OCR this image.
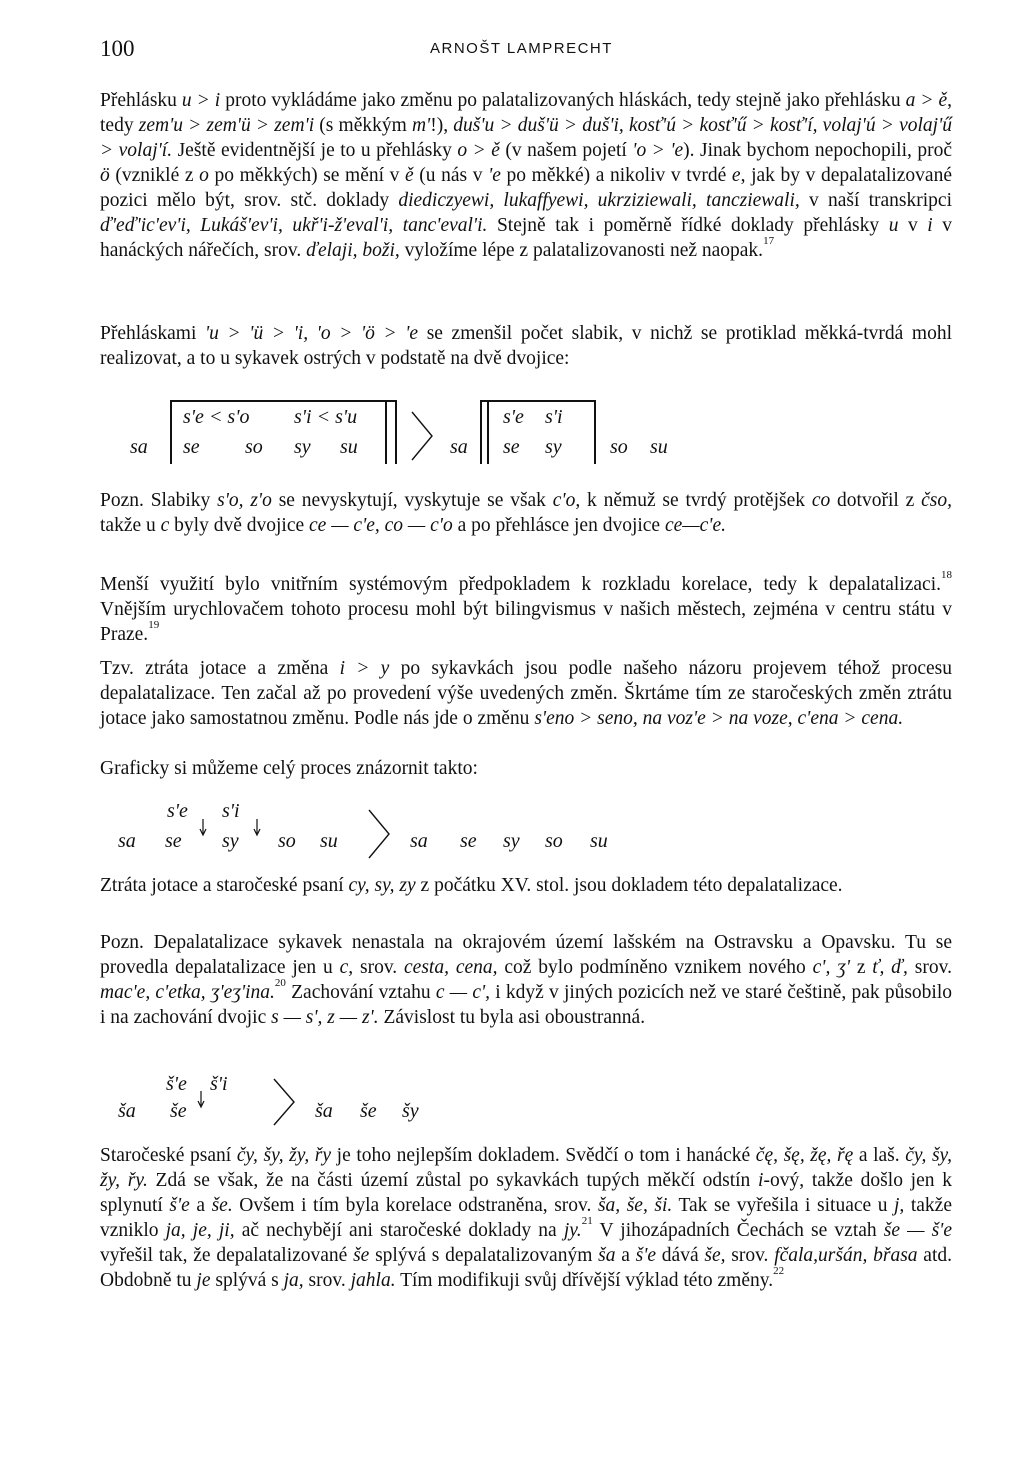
100	ARNOŠT LAMPRECHT

Přehlásku u > i proto vykládáme jako změnu po palatalizovaných hláskách, tedy stejně jako přehlásku a > ě, tedy zem'u > zem'ü > zem'i (s měkkým m'!), duš'u > duš'ü > duš'i, kosť'ú > kosť'ű > kosť'í, volaj'ú > volaj'ű > volaj'í. Ještě evidentnější je to u přehlásky o > ě (v našem pojetí 'o > 'e). Jinak bychom nepochopili, proč ö (vzniklé z o po měkkých) se mění v ě (u nás v 'e po měkké) a nikoliv v tvrdé e, jak by v depalatalizované pozici mělo být, srov. stč. doklady diediczyewi, lukaffyewi, ukrziziewali, tancziewali, v naší transkripci ď'eď'ic'ev'i, Lukáš'ev'i, ukř'i-ž'eval'i, tanc'eval'i. Stejně tak i poměrně řídké doklady přehlásky u v i v hanáckých nářečích, srov. ďelaji, boži, vyložíme lépe z palatalizovanosti než naopak.$^{17}$

Přehláskami 'u > 'ü > 'i, 'o > 'ö > 'e se zmenšil počet slabik, v nichž se protiklad měkká-tvrdá mohl realizovat, a to u sykavek ostrých v podstatě na dvě dvojice:

sa
s'e < s'o s'i < s'u
se so sy su	sa
s'e s'i
se sy so su

Pozn. Slabiky s'o, z'o se nevyskytují, vyskytuje se však c'o, k němuž se tvrdý protějšek co dotvořil z čso, takže u c byly dvě dvojice ce — c'e, co — c'o a po přehlásce jen dvojice ce—c'e.

Menší využití bylo vnitřním systémovým předpokladem k rozkladu korelace, tedy k depalatalizaci.$^{18}$ Vnějším urychlovačem tohoto procesu mohl být bilingvismus v našich městech, zejména v centru státu v Praze.$^{19}$

Tzv. ztráta jotace a změna i > y po sykavkách jsou podle našeho názoru projevem téhož procesu depalatalizace. Ten začal až po provedení výše uvedených změn. Škrtáme tím ze staročeských změn ztrátu jotace jako samostatnou změnu. Podle nás jde o změnu s'eno > seno, na voz'e > na voze, c'ena > cena.

Graficky si můžeme celý proces znázornit takto:

s'e s'i
sa se sy so su	sa se sy so su

Ztráta jotace a staročeské psaní cy, sy, zy z počátku XV. stol. jsou dokladem této depalatalizace.

Pozn. Depalatalizace sykavek nenastala na okrajovém území lašském na Ostravsku a Opavsku. Tu se provedla depalatalizace jen u c, srov. cesta, cena, což bylo podmíněno vznikem nového c', ʒ' z ť, ď, srov. mac'e, c'etka, ʒ'eʒ'ina.$^{20}$ Zachování vztahu c — c', i když v jiných pozicích než ve staré češtině, pak působilo i na zachování dvojic s — s', z — z'. Závislost tu byla asi oboustranná.

š'e š'i
ša še	ša še šy

Staročeské psaní čy, šy, žy, řy je toho nejlepším dokladem. Svědčí o tom i hanácké čę, šę, žę, řę a laš. čy, šy, žy, řy. Zdá se však, že na části území zůstal po sykavkách tupých měkčí odstín i-ový, takže došlo jen k splynutí š'e a še. Ovšem i tím byla korelace odstraněna, srov. ša, še, ši. Tak se vyřešila i situace u j, takže vzniklo ja, je, ji, ač nechybějí ani staročeské doklady na jy.$^{21}$ V jihozápadních Čechách se vztah še — š'e vyřešil tak, že depalatalizované še splývá s depalatalizovaným ša a š'e dává še, srov. fčala,uršán, břasa atd. Obdobně tu je splývá s ja, srov. jahla. Tím modifikuji svůj dřívější výklad této změny.$^{22}$
